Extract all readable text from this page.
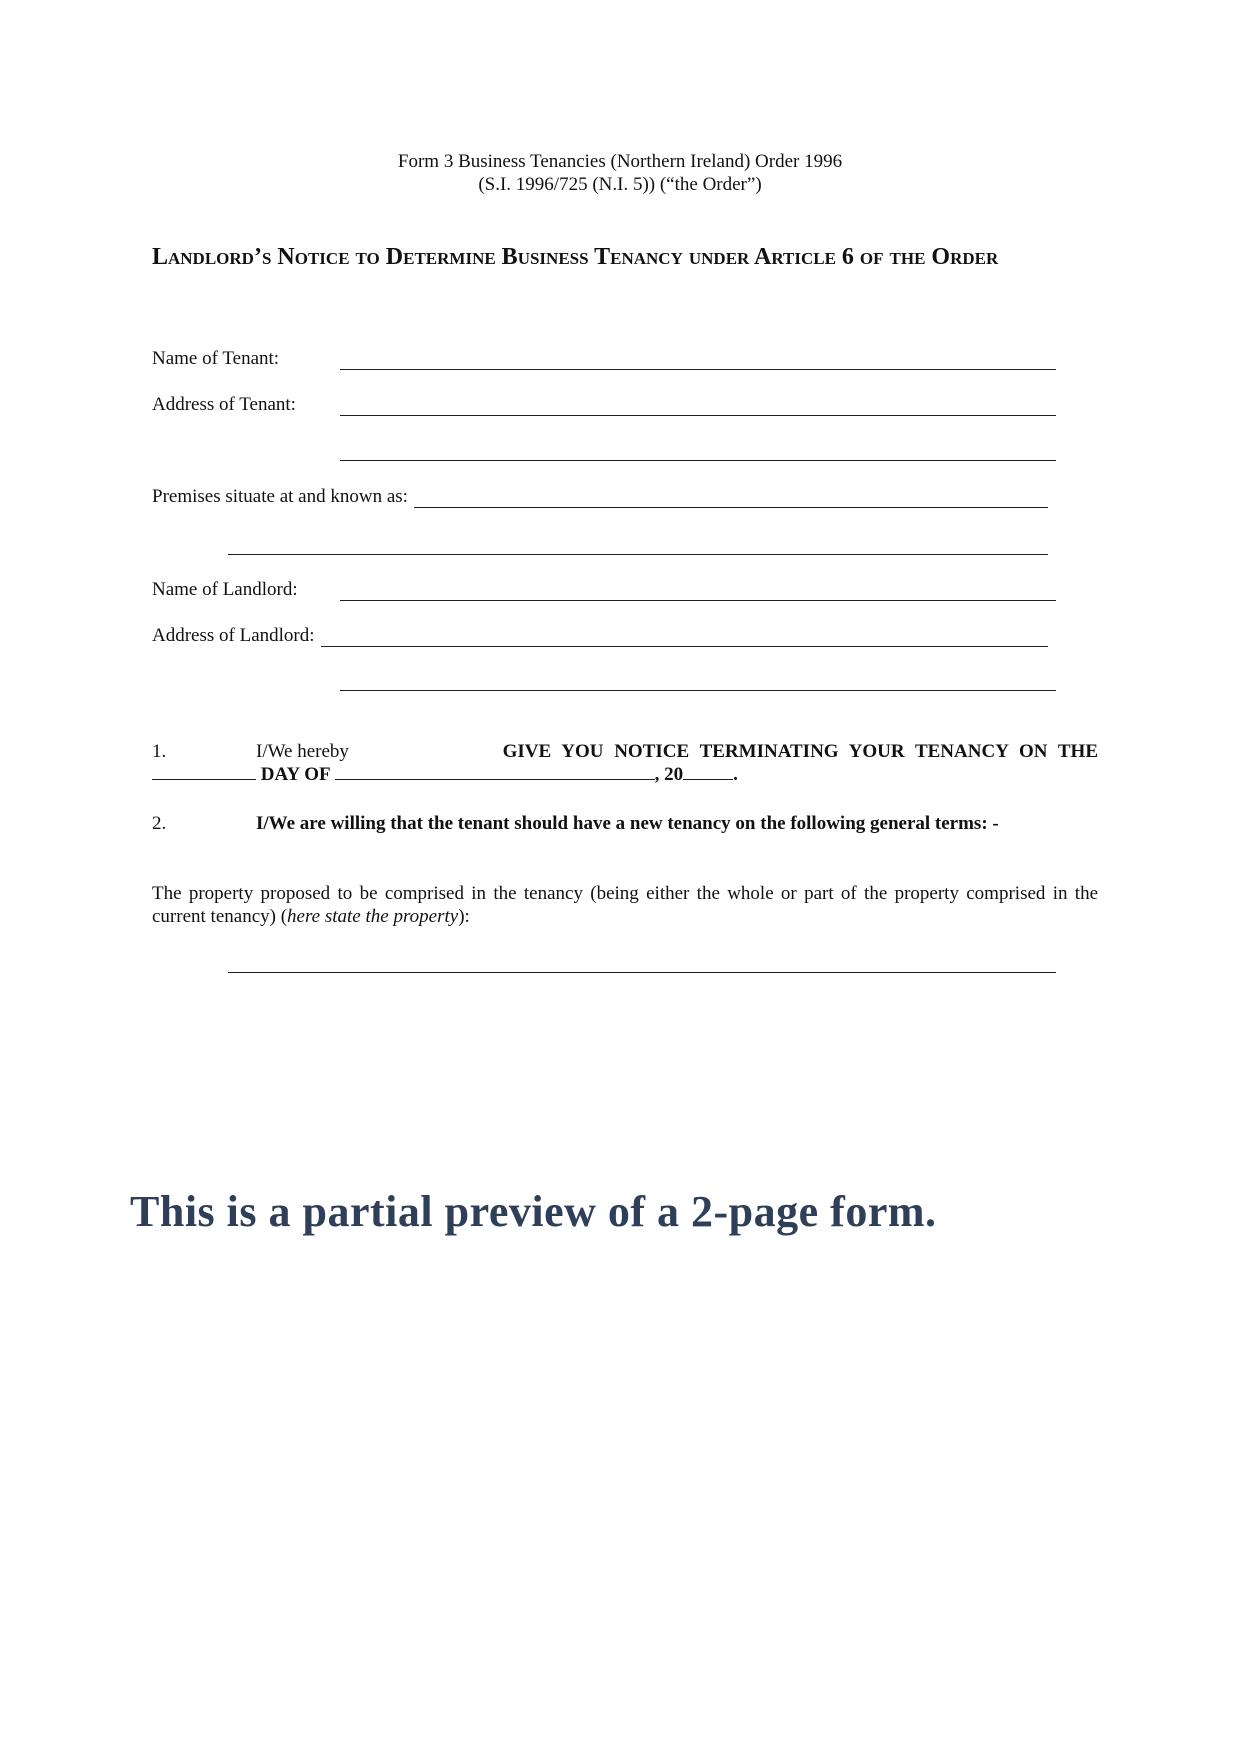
Form 3 Business Tenancies (Northern Ireland) Order 1996
(S.I. 1996/725 (N.I. 5)) (“the Order”)
Landlord’s Notice to Determine Business Tenancy under Article 6 of the Order
Name of Tenant:
Address of Tenant:
Premises situate at and known as:
Name of Landlord:
Address of Landlord:
1.	I/We hereby	GIVE YOU NOTICE TERMINATING YOUR TENANCY ON THE
DAY OF	, 20	.
2.	I/We are willing that the tenant should have a new tenancy on the following general terms: -
The property proposed to be comprised in the tenancy (being either the whole or part of the property comprised in the current tenancy) (here state the property):
This is a partial preview of a 2-page form.
